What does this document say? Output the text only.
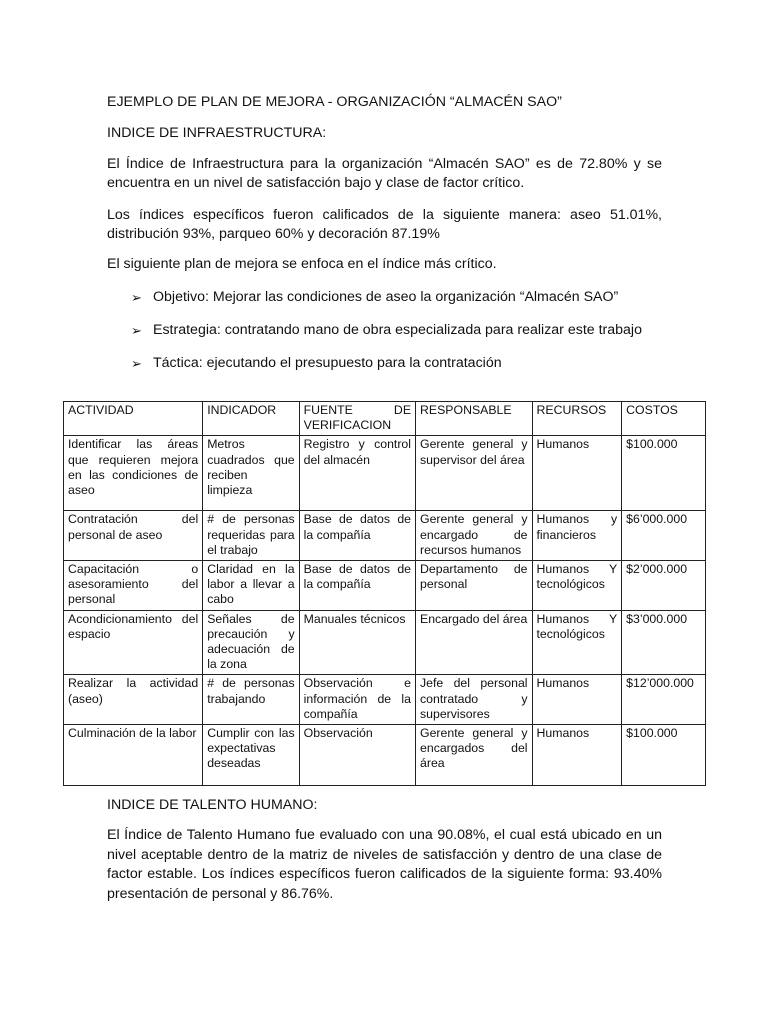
EJEMPLO DE PLAN DE MEJORA - ORGANIZACIÓN “ALMACÉN SAO”
INDICE DE INFRAESTRUCTURA:
El Índice de Infraestructura para la organización “Almacén SAO” es de 72.80% y se encuentra en un nivel de satisfacción bajo y clase de factor crítico.
Los índices específicos fueron calificados de la siguiente manera: aseo 51.01%, distribución 93%, parqueo 60% y decoración 87.19%
El siguiente plan de mejora se enfoca en el índice más crítico.
➢ Objetivo: Mejorar las condiciones de aseo la organización “Almacén SAO”
➢ Estrategia: contratando mano de obra especializada para realizar este trabajo
➢ Táctica: ejecutando el presupuesto para la contratación
ACTIVIDAD	INDICADOR	FUENTE DE VERIFICACION	RESPONSABLE	RECURSOS	COSTOS
Identificar las áreas que requieren mejora en las condiciones de aseo	Metros cuadrados que reciben limpieza	Registro y control del almacén	Gerente general y supervisor del área	Humanos	$100.000
Contratación del personal de aseo	# de personas requeridas para el trabajo	Base de datos de la compañía	Gerente general y encargado de recursos humanos	Humanos y financieros	$6’000.000
Capacitación o asesoramiento del personal	Claridad en la labor a llevar a cabo	Base de datos de la compañía	Departamento de personal	Humanos Y tecnológicos	$2’000.000
Acondicionamiento del espacio	Señales de precaución y adecuación de la zona	Manuales técnicos	Encargado del área	Humanos Y tecnológicos	$3’000.000
Realizar la actividad (aseo)	# de personas trabajando	Observación e información de la compañía	Jefe del personal contratado y supervisores	Humanos	$12’000.000
Culminación de la labor	Cumplir con las expectativas deseadas	Observación	Gerente general y encargados del área	Humanos	$100.000
INDICE DE TALENTO HUMANO:
El Índice de Talento Humano fue evaluado con una 90.08%, el cual está ubicado en un nivel aceptable dentro de la matriz de niveles de satisfacción y dentro de una clase de factor estable. Los índices específicos fueron calificados de la siguiente forma: 93.40% presentación de personal y 86.76%.
